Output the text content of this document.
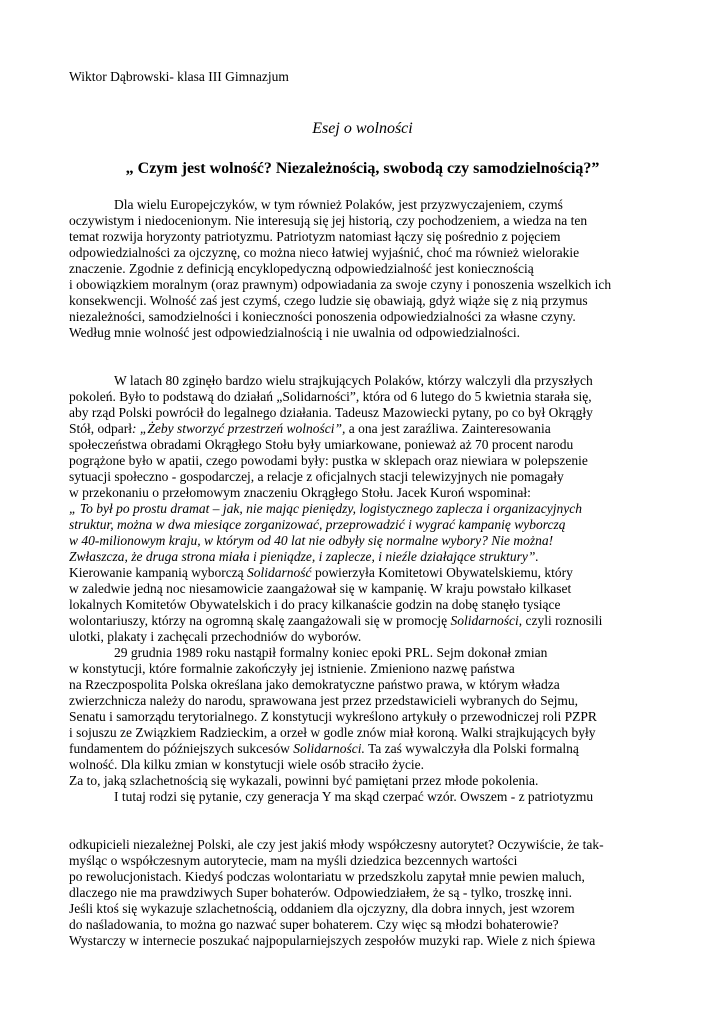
Wiktor Dąbrowski- klasa III Gimnazjum
Esej o wolności
„ Czym jest wolność? Niezależnością, swobodą czy samodzielnością?”
Dla wielu Europejczyków, w tym również Polaków, jest przyzwyczajeniem, czymś
oczywistym i niedocenionym. Nie interesują się jej historią, czy pochodzeniem, a wiedza na ten
temat rozwija horyzonty patriotyzmu. Patriotyzm natomiast łączy się pośrednio z pojęciem
odpowiedzialności za ojczyznę, co można nieco łatwiej wyjaśnić, choć ma również wielorakie
znaczenie. Zgodnie z definicją encyklopedyczną odpowiedzialność jest koniecznością
i obowiązkiem moralnym (oraz prawnym) odpowiadania za swoje czyny i ponoszenia wszelkich ich
konsekwencji. Wolność zaś jest czymś, czego ludzie się obawiają, gdyż wiąże się z nią przymus
niezależności, samodzielności i konieczności ponoszenia odpowiedzialności za własne czyny.
Według mnie wolność jest odpowiedzialnością i nie uwalnia od odpowiedzialności.
W latach 80 zginęło bardzo wielu strajkujących Polaków, którzy walczyli dla przyszłych
pokoleń. Było to podstawą do działań „Solidarności”, która od 6 lutego do 5 kwietnia starała się,
aby rząd Polski powrócił do legalnego działania. Tadeusz Mazowiecki pytany, po co był Okrągły
Stół, odparł: „Żeby stworzyć przestrzeń wolności”, a ona jest zaraźliwa. Zainteresowania
społeczeństwa obradami Okrągłego Stołu były umiarkowane, ponieważ aż 70 procent narodu
pogrążone było w apatii, czego powodami były: pustka w sklepach oraz niewiara w polepszenie
sytuacji społeczno - gospodarczej, a relacje z oficjalnych stacji telewizyjnych nie pomagały
w przekonaniu o przełomowym znaczeniu Okrągłego Stołu. Jacek Kuroń wspominał:
„ To był po prostu dramat – jak, nie mając pieniędzy, logistycznego zaplecza i organizacyjnych
struktur, można w dwa miesiące zorganizować, przeprowadzić i wygrać kampanię wyborczą
w 40-milionowym kraju, w którym od 40 lat nie odbyły się normalne wybory? Nie można!
Zwłaszcza, że druga strona miała i pieniądze, i zaplecze, i nieźle działające struktury”.
Kierowanie kampanią wyborczą Solidarność powierzyła Komitetowi Obywatelskiemu, który
w zaledwie jedną noc niesamowicie zaangażował się w kampanię. W kraju powstało kilkaset
lokalnych Komitetów Obywatelskich i do pracy kilkanaście godzin na dobę stanęło tysiące
wolontariuszy, którzy na ogromną skalę zaangażowali się w promocję Solidarności, czyli roznosili
ulotki, plakaty i zachęcali przechodniów do wyborów.
29 grudnia 1989 roku nastąpił formalny koniec epoki PRL. Sejm dokonał zmian
w konstytucji, które formalnie zakończyły jej istnienie. Zmieniono nazwę państwa
na Rzeczpospolita Polska określana jako demokratyczne państwo prawa, w którym władza
zwierzchnicza należy do narodu, sprawowana jest przez przedstawicieli wybranych do Sejmu,
Senatu i samorządu terytorialnego. Z konstytucji wykreślono artykuły o przewodniczej roli PZPR
i sojuszu ze Związkiem Radzieckim, a orzeł w godle znów miał koroną. Walki strajkujących były
fundamentem do późniejszych sukcesów Solidarności. Ta zaś wywalczyła dla Polski formalną
wolność. Dla kilku zmian w konstytucji wiele osób straciło życie.
Za to, jaką szlachetnością się wykazali, powinni być pamiętani przez młode pokolenia.
I tutaj rodzi się pytanie, czy generacja Y ma skąd czerpać wzór. Owszem - z patriotyzmu
odkupicieli niezależnej Polski, ale czy jest jakiś młody współczesny autorytet? Oczywiście, że tak-
myśląc o współczesnym autorytecie, mam na myśli dziedzica bezcennych wartości
po rewolucjonistach. Kiedyś podczas wolontariatu w przedszkolu zapytał mnie pewien maluch,
dlaczego nie ma prawdziwych Super bohaterów. Odpowiedziałem, że są - tylko, troszkę inni.
Jeśli ktoś się wykazuje szlachetnością, oddaniem dla ojczyzny, dla dobra innych, jest wzorem
do naśladowania, to można go nazwać super bohaterem. Czy więc są młodzi bohaterowie?
Wystarczy w internecie poszukać najpopularniejszych zespołów muzyki rap. Wiele z nich śpiewa
